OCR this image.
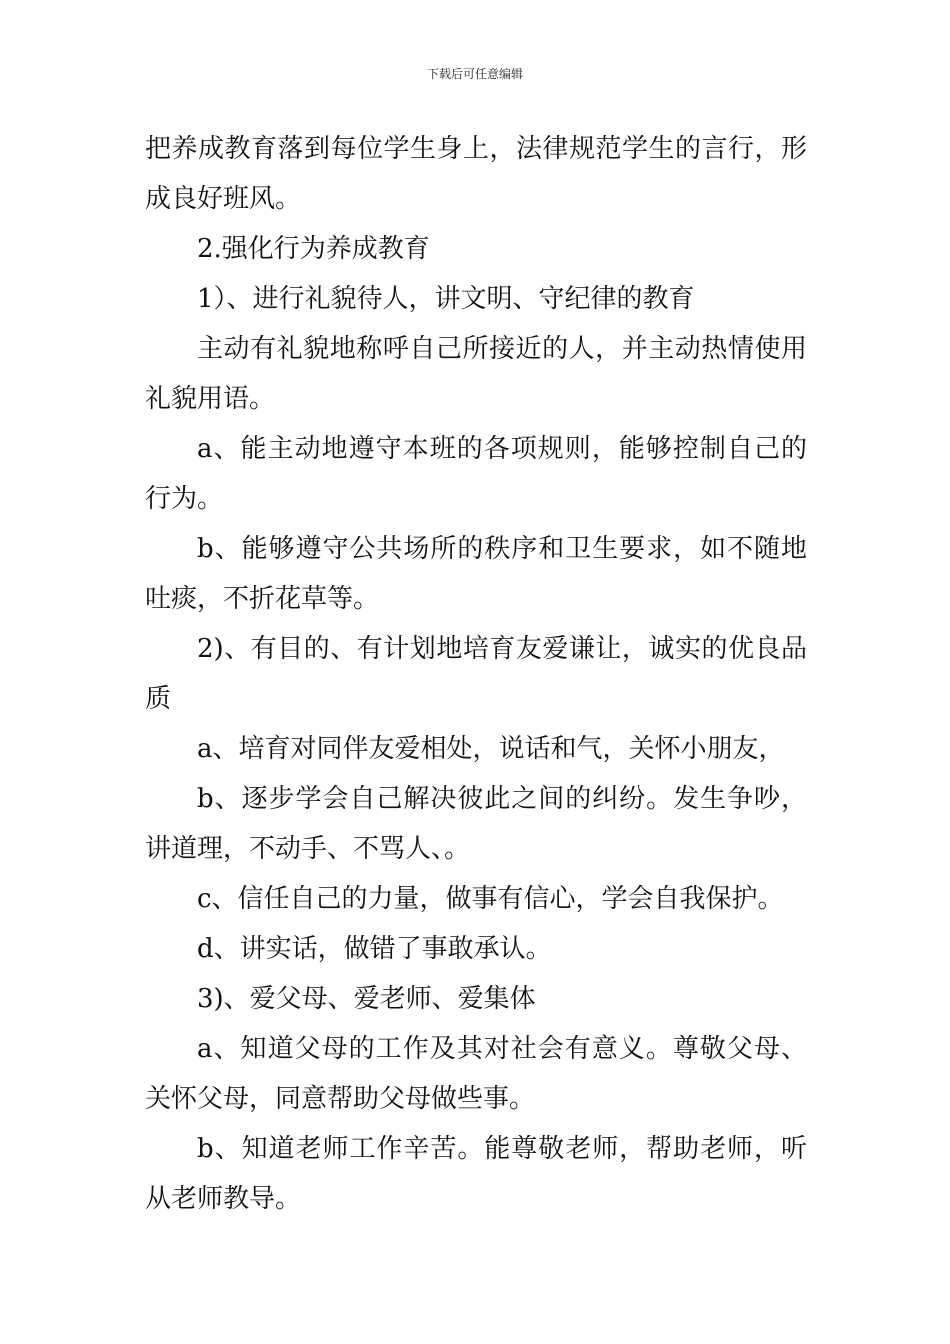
下载后可任意编辑

把养成教育落到每位学生身上，法律规范学生的言行，形成良好班风。

2.强化行为养成教育

1）、进行礼貌待人，讲文明、守纪律的教育

主动有礼貌地称呼自己所接近的人，并主动热情使用礼貌用语。

a、能主动地遵守本班的各项规则，能够控制自己的行为。

b、能够遵守公共场所的秩序和卫生要求，如不随地吐痰，不折花草等。

2)、有目的、有计划地培育友爱谦让，诚实的优良品质

a、培育对同伴友爱相处，说话和气，关怀小朋友，

b、逐步学会自己解决彼此之间的纠纷。发生争吵，讲道理，不动手、不骂人、。

c、信任自己的力量，做事有信心，学会自我保护。

d、讲实话，做错了事敢承认。

3)、爱父母、爱老师、爱集体

a、知道父母的工作及其对社会有意义。尊敬父母、关怀父母，同意帮助父母做些事。

b、知道老师工作辛苦。能尊敬老师，帮助老师，听从老师教导。
